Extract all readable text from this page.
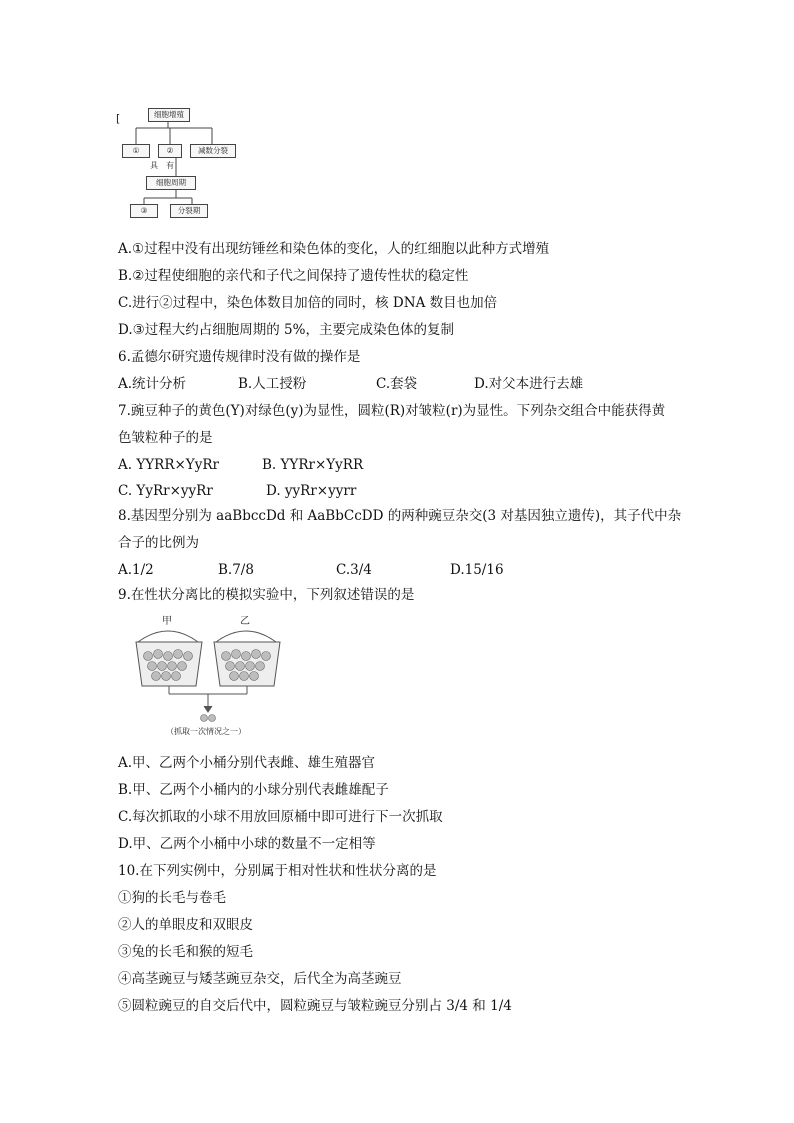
[	细胞增殖
①	②	减数分裂
具有
细胞周期
③	分裂期
A.①过程中没有出现纺锤丝和染色体的变化，人的红细胞以此种方式增殖
B.②过程使细胞的亲代和子代之间保持了遗传性状的稳定性
C.进行②过程中，染色体数目加倍的同时，核 DNA 数目也加倍
D.③过程大约占细胞周期的 5%，主要完成染色体的复制
6.孟德尔研究遗传规律时没有做的操作是
A.统计分析	B.人工授粉	C.套袋	D.对父本进行去雄
7.豌豆种子的黄色(Y)对绿色(y)为显性，圆粒(R)对皱粒(r)为显性。下列杂交组合中能获得黄
色皱粒种子的是
A. YYRR×YyRr	B. YYRr×YyRR
C. YyRr×yyRr	D. yyRr×yyrr
8.基因型分别为 aaBbccDd 和 AaBbCcDD 的两种豌豆杂交(3 对基因独立遗传)，其子代中杂
合子的比例为
A.1/2	B.7/8	C.3/4	D.15/16
9.在性状分离比的模拟实验中，下列叙述错误的是
甲	乙
（抓取一次情况之一）
A.甲、乙两个小桶分别代表雌、雄生殖器官
B.甲、乙两个小桶内的小球分别代表雌雄配子
C.每次抓取的小球不用放回原桶中即可进行下一次抓取
D.甲、乙两个小桶中小球的数量不一定相等
10.在下列实例中，分别属于相对性状和性状分离的是
①狗的长毛与卷毛
②人的单眼皮和双眼皮
③兔的长毛和猴的短毛
④高茎豌豆与矮茎豌豆杂交，后代全为高茎豌豆
⑤圆粒豌豆的自交后代中，圆粒豌豆与皱粒豌豆分别占 3/4 和 1/4
